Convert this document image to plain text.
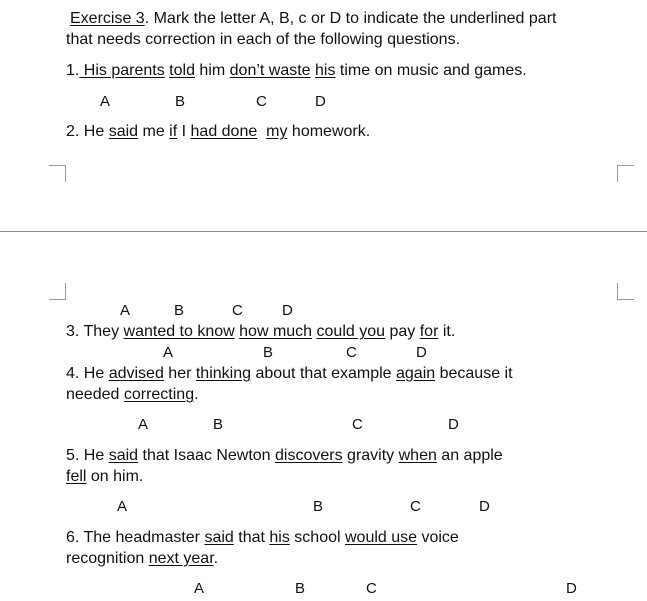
Exercise 3. Mark the letter A, B, c or D to indicate the underlined part
that needs correction in each of the following questions.
1. His parents told him don’t waste his time on music and games.
A	B	C	D
2. He said me if I had done my homework.
A	B	C	D
3. They wanted to know how much could you pay for it.
A	B	C	D
4. He advised her thinking about that example again because it
needed correcting.
A	B	C	D
5. He said that Isaac Newton discovers gravity when an apple
fell on him.
A	B	C	D
6. The headmaster said that his school would use voice
recognition next year.
A	B	C	D
